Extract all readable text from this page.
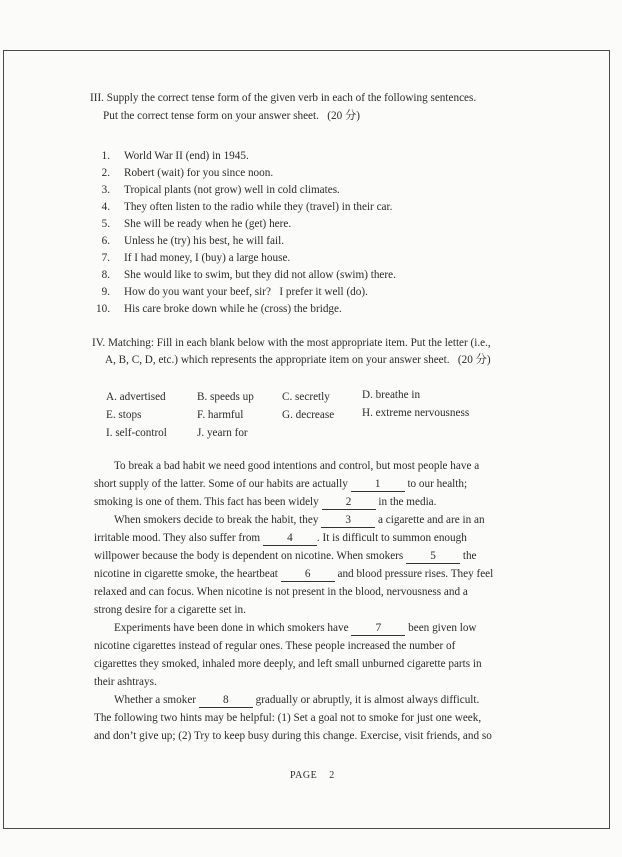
III. Supply the correct tense form of the given verb in each of the following sentences.
Put the correct tense form on your answer sheet.   (20 分)
1. World War II (end) in 1945.
2. Robert (wait) for you since noon.
3. Tropical plants (not grow) well in cold climates.
4. They often listen to the radio while they (travel) in their car.
5. She will be ready when he (get) here.
6. Unless he (try) his best, he will fail.
7. If I had money, I (buy) a large house.
8. She would like to swim, but they did not allow (swim) there.
9. How do you want your beef, sir?   I prefer it well (do).
10. His care broke down while he (cross) the bridge.
IV. Matching: Fill in each blank below with the most appropriate item. Put the letter (i.e.,
A, B, C, D, etc.) which represents the appropriate item on your answer sheet.   (20 分)
A. advertised	B. speeds up	C. secretly	D. breathe in
E. stops	F. harmful	G. decrease H. extreme nervousness
I. self-control	J. yearn for
To break a bad habit we need good intentions and control, but most people have a
short supply of the latter. Some of our habits are actually 1 to our health;
smoking is one of them. This fact has been widely 2 in the media.
When smokers decide to break the habit, they 3 a cigarette and are in an
irritable mood. They also suffer from 4 . It is difficult to summon enough
willpower because the body is dependent on nicotine. When smokers 5 the
nicotine in cigarette smoke, the heartbeat 6 and blood pressure rises. They feel
relaxed and can focus. When nicotine is not present in the blood, nervousness and a
strong desire for a cigarette set in.
Experiments have been done in which smokers have 7 been given low
nicotine cigarettes instead of regular ones. These people increased the number of
cigarettes they smoked, inhaled more deeply, and left small unburned cigarette parts in
their ashtrays.
Whether a smoker 8 gradually or abruptly, it is almost always difficult.
The following two hints may be helpful: (1) Set a goal not to smoke for just one week,
and don’t give up; (2) Try to keep busy during this change. Exercise, visit friends, and so
PAGE    2
